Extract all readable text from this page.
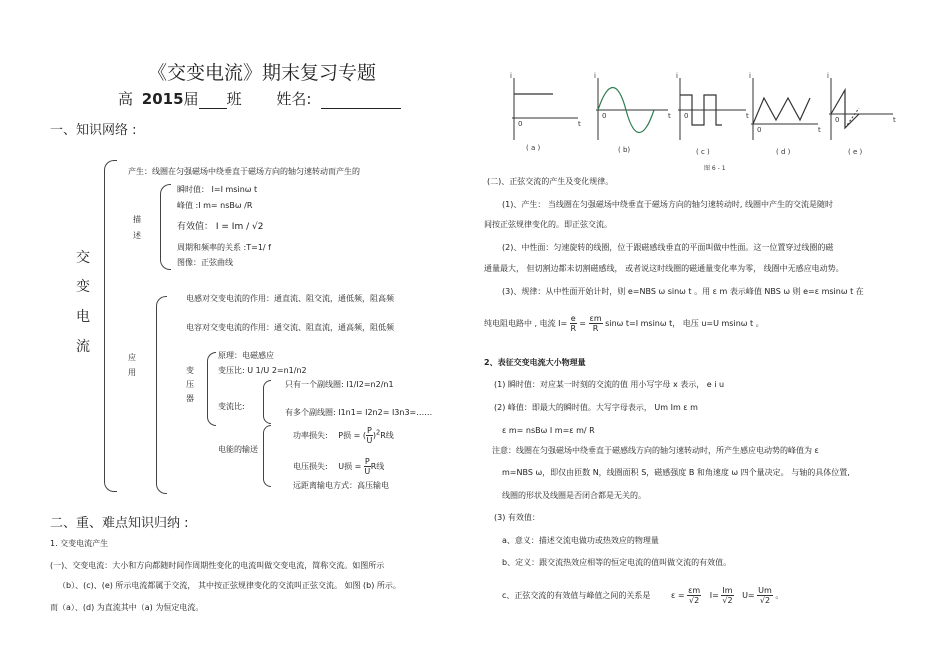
《交变电流》期末复习专题
高 2015届 班 姓名:
一、知识网络 :
交
变
电
流
产生：线圈在匀强磁场中绕垂直于磁场方向的轴匀速转动而产生的
描
述
瞬时值： I=I msinω t
峰值 :I m= nsBω /R
有效值： I = Im / √2
周期和频率的关系 :T=1/ f
图像：正弦曲线
应
用
电感对交变电流的作用：通直流、阻交流，通低频，阻高频
电容对交变电流的作用：通交流、阻直流，通高频，阻低频
变
压
器
原理：电磁感应
变压比: U 1/U 2=n1/n2
变流比:
只有一个副线圈: I1/I2=n2/n1
有多个副线圈: I1n1= I2n2= I3n3=……
电能的输送
功率损失: P损 = ( $\frac{P}{U} )^2R$线
电压损失: U损 = $\frac{P}{U}$ R线
远距离输电方式：高压输电
二、重、难点知识归纳 :
1. 交变电流产生
(一)、交变电流：大小和方向都随时间作周期性变化的电流叫做交变电流，简称交流。如图所示
（b）、(c)、(e) 所示电流都属于交流， 其中按正弦规律变化的交流叫正弦交流。 如图 (b) 所示。
而（a）、(d) 为直流其中（a) 为恒定电流。
i
0	t
i
0	t
i
0	t
i
0	t
i
0	t
( a )	( b)	( c )	( d )	( e )
图 6 - 1
(二)、正弦交流的产生及变化规律。
(1)、产生： 当线圈在匀强磁场中绕垂直于磁场方向的轴匀速转动时, 线圈中产生的交流是随时
间按正弦规律变化的。即正弦交流。
(2)、中性面：匀速旋转的线圈，位于跟磁感线垂直的平面叫做中性面。这一位置穿过线圈的磁
通量最大， 但切割边都未切割磁感线， 或者说这时线圈的磁通量变化率为零， 线圈中无感应电动势。
(3)、规律：从中性面开始计时，则 e=NBS ω sinω t 。用 ε m 表示峰值 NBS ω 则 e=ε msinω t 在
纯电阻电路中 , 电流 $I= \frac{e}{R} = \frac{\varepsilon m}{R}$ sinω t=I msinω t， 电压 u=U msinω t 。
2、表征交变电流大小物理量
(1) 瞬时值：对应某一时刻的交流的值 用小写字母 x 表示， e i u
(2) 峰值：即最大的瞬时值。大写字母表示， Um Im ε m
ε m= nsBω I m=ε m/ R
注意：线圈在匀强磁场中绕垂直于磁感线方向的轴匀速转动时，所产生感应电动势的峰值为 ε
m=NBS ω，即仅由匝数 N，线圈面积 S，磁感强度 B 和角速度 ω 四个量决定。 与轴的具体位置,
线圈的形状及线圈是否闭合都是无关的。
(3) 有效值：
a、意义：描述交流电做功或热效应的物理量
b、定义：跟交流热效应相等的恒定电流的值叫做交流的有效值。
c、正弦交流的有效值与峰值之间的关系是	$\varepsilon = \frac{\varepsilon m}{√2} I= \frac{Im}{√2} U= \frac{Um}{√2}$ 。
